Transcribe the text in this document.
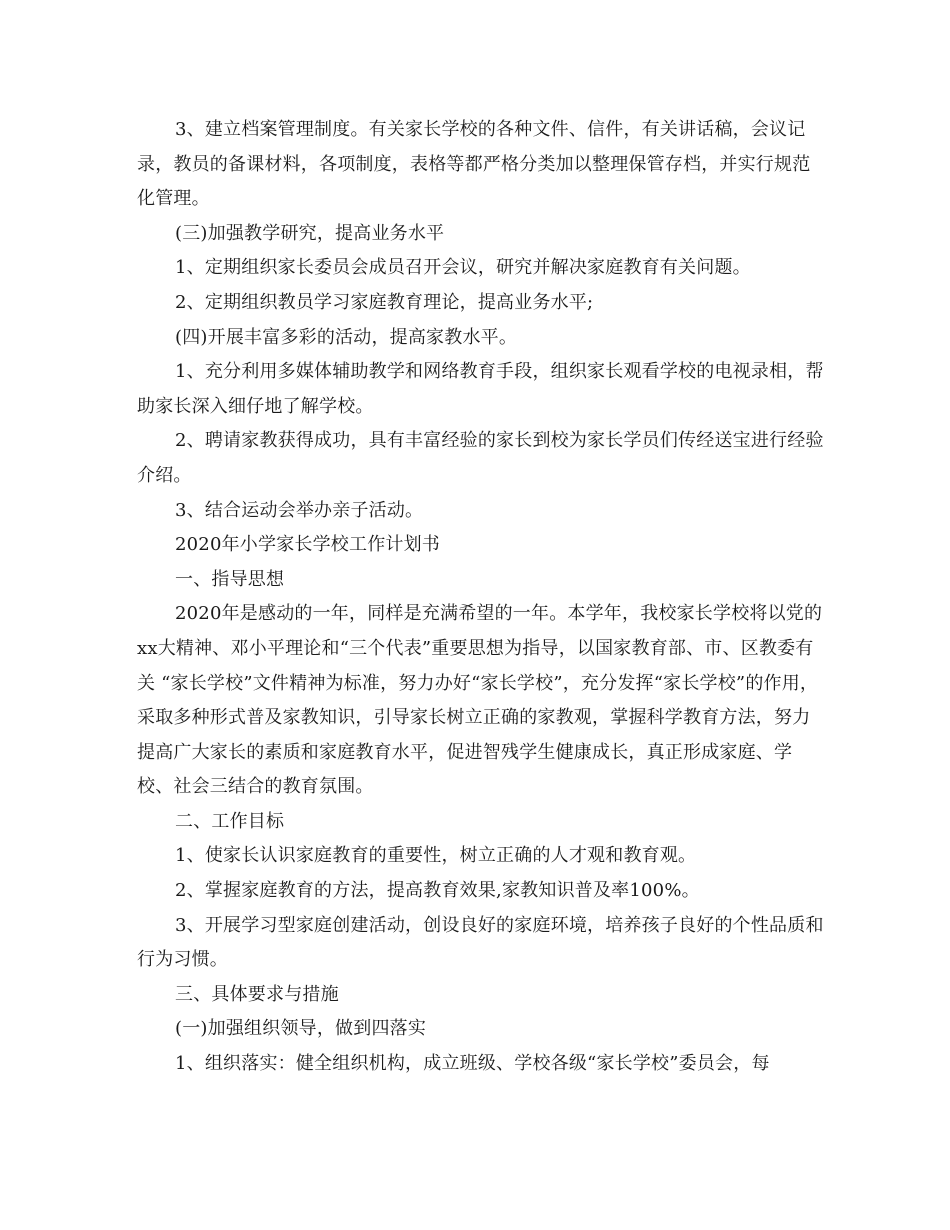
3、建立档案管理制度。有关家长学校的各种文件、信件，有关讲话稿，会议记录，教员的备课材料，各项制度，表格等都严格分类加以整理保管存档，并实行规范化管理。

(三)加强教学研究，提高业务水平

1、定期组织家长委员会成员召开会议，研究并解决家庭教育有关问题。

2、定期组织教员学习家庭教育理论，提高业务水平;

(四)开展丰富多彩的活动，提高家教水平。

1、充分利用多媒体辅助教学和网络教育手段，组织家长观看学校的电视录相，帮助家长深入细仔地了解学校。

2、聘请家教获得成功，具有丰富经验的家长到校为家长学员们传经送宝进行经验介绍。

3、结合运动会举办亲子活动。

2020年小学家长学校工作计划书

一、指导思想

2020年是感动的一年，同样是充满希望的一年。本学年，我校家长学校将以党的xx大精神、邓小平理论和“三个代表”重要思想为指导，以国家教育部、市、区教委有关 “家长学校”文件精神为标准，努力办好“家长学校”，充分发挥“家长学校”的作用，采取多种形式普及家教知识，引导家长树立正确的家教观，掌握科学教育方法，努力提高广大家长的素质和家庭教育水平，促进智残学生健康成长，真正形成家庭、学校、社会三结合的教育氛围。

二、工作目标

1、使家长认识家庭教育的重要性，树立正确的人才观和教育观。

2、掌握家庭教育的方法，提高教育效果,家教知识普及率100%。

3、开展学习型家庭创建活动，创设良好的家庭环境，培养孩子良好的个性品质和行为习惯。

三、具体要求与措施

(一)加强组织领导，做到四落实

1、组织落实：健全组织机构，成立班级、学校各级“家长学校”委员会，每
